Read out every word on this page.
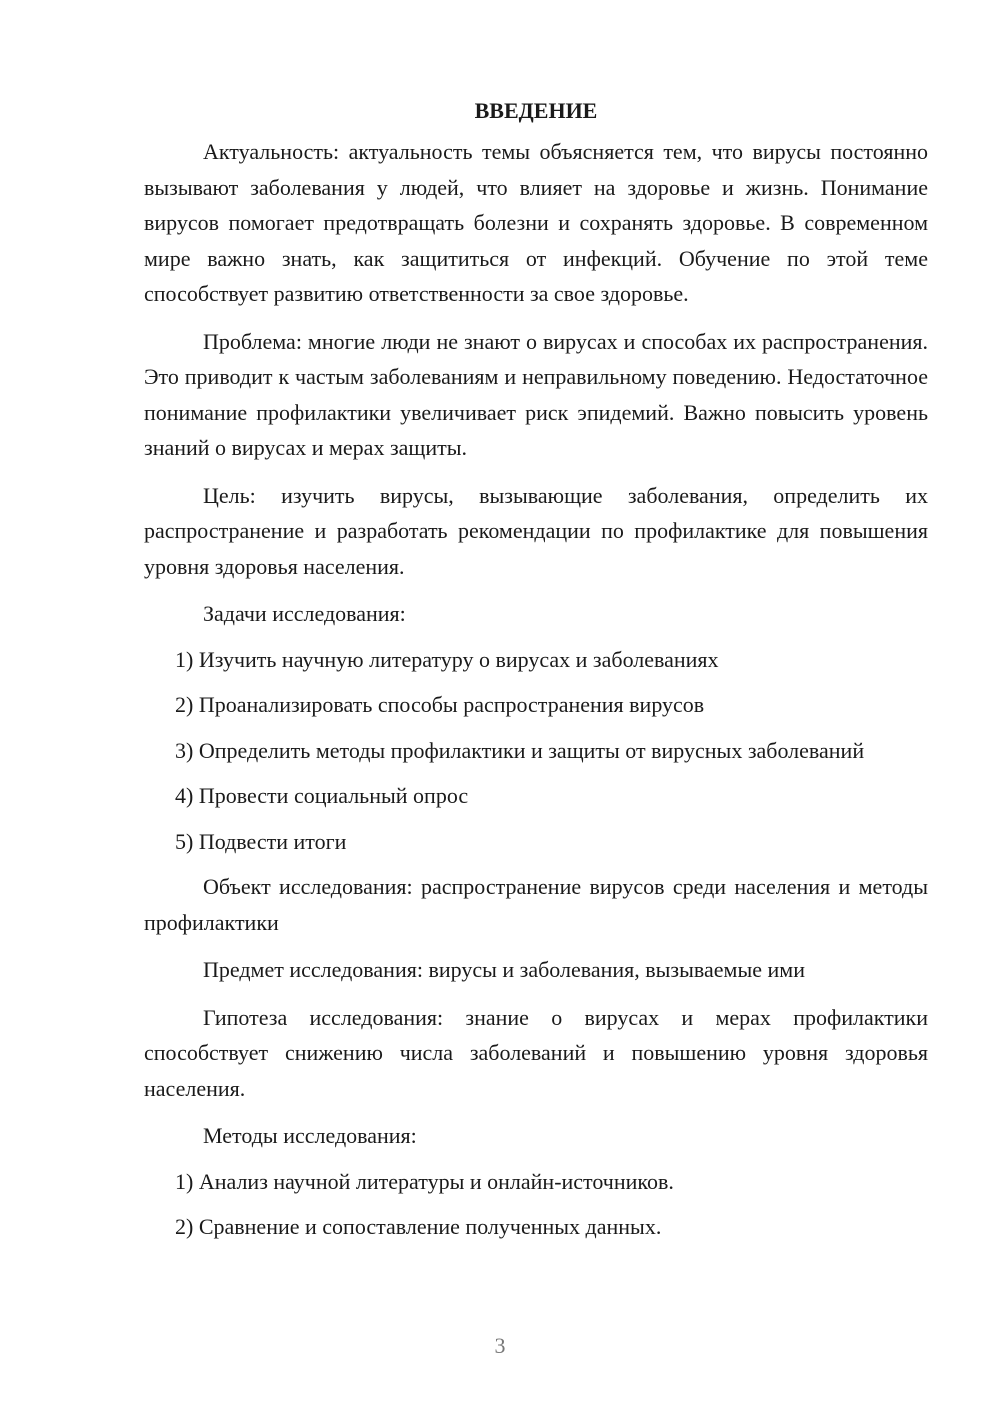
ВВЕДЕНИЕ

Актуальность: актуальность темы объясняется тем, что вирусы постоянно вызывают заболевания у людей, что влияет на здоровье и жизнь. Понимание вирусов помогает предотвращать болезни и сохранять здоровье. В современном мире важно знать, как защититься от инфекций. Обучение по этой теме способствует развитию ответственности за свое здоровье.

Проблема: многие люди не знают о вирусах и способах их распространения. Это приводит к частым заболеваниям и неправильному поведению. Недостаточное понимание профилактики увеличивает риск эпидемий. Важно повысить уровень знаний о вирусах и мерах защиты.

Цель: изучить вирусы, вызывающие заболевания, определить их распространение и разработать рекомендации по профилактике для повышения уровня здоровья населения.

Задачи исследования:

1) Изучить научную литературу о вирусах и заболеваниях

2) Проанализировать способы распространения вирусов

3) Определить методы профилактики и защиты от вирусных заболеваний

4) Провести социальный опрос

5) Подвести итоги

Объект исследования: распространение вирусов среди населения и методы профилактики

Предмет исследования: вирусы и заболевания, вызываемые ими

Гипотеза исследования: знание о вирусах и мерах профилактики способствует снижению числа заболеваний и повышению уровня здоровья населения.

Методы исследования:

1) Анализ научной литературы и онлайн-источников.

2) Сравнение и сопоставление полученных данных.

3
